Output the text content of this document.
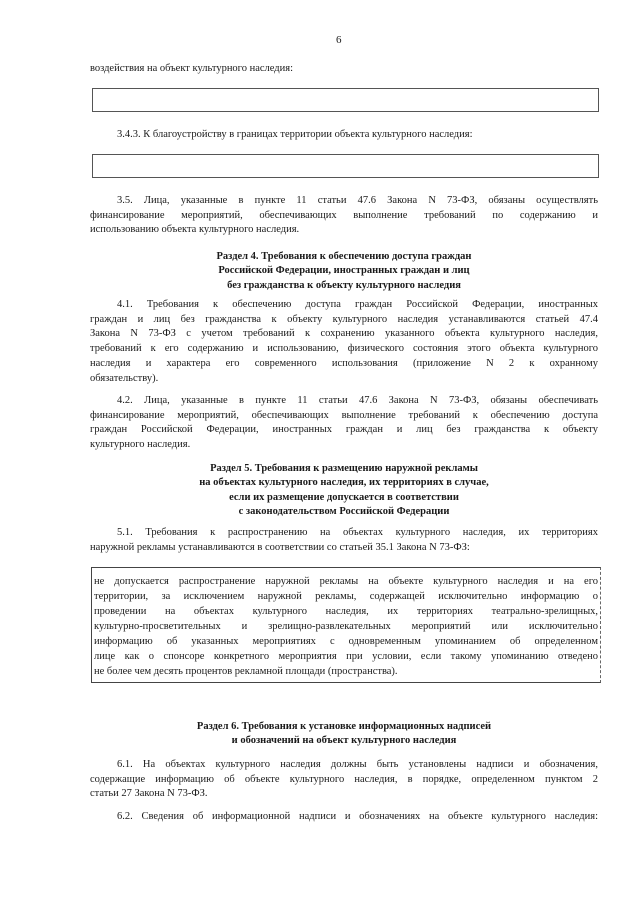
6
воздействия на объект культурного наследия:
3.4.3. К благоустройству в границах территории объекта культурного наследия:
3.5. Лица, указанные в пункте 11 статьи 47.6 Закона N 73-ФЗ, обязаны осуществлять
финансирование мероприятий, обеспечивающих выполнение требований по содержанию и
использованию объекта культурного наследия.
Раздел 4. Требования к обеспечению доступа граждан
Российской Федерации, иностранных граждан и лиц
без гражданства к объекту культурного наследия
4.1. Требования к обеспечению доступа граждан Российской Федерации, иностранных
граждан и лиц без гражданства к объекту культурного наследия устанавливаются статьей 47.4
Закона N 73-ФЗ с учетом требований к сохранению указанного объекта культурного наследия,
требований к его содержанию и использованию, физического состояния этого объекта культурного
наследия и характера его современного использования (приложение N 2 к охранному
обязательству).
4.2. Лица, указанные в пункте 11 статьи 47.6 Закона N 73-ФЗ, обязаны обеспечивать
финансирование мероприятий, обеспечивающих выполнение требований к обеспечению доступа
граждан Российской Федерации, иностранных граждан и лиц без гражданства к объекту
культурного наследия.
Раздел 5. Требования к размещению наружной рекламы
на объектах культурного наследия, их территориях в случае,
если их размещение допускается в соответствии
с законодательством Российской Федерации
5.1. Требования к распространению на объектах культурного наследия, их территориях
наружной рекламы устанавливаются в соответствии со статьей 35.1 Закона N 73-ФЗ:
не допускается распространение наружной рекламы на объекте культурного наследия и на его
территории, за исключением наружной рекламы, содержащей исключительно информацию о
проведении на объектах культурного наследия, их территориях театрально-зрелищных,
культурно-просветительных и зрелищно-развлекательных мероприятий или исключительно
информацию об указанных мероприятиях с одновременным упоминанием об определенном
лице как о спонсоре конкретного мероприятия при условии, если такому упоминанию отведено
не более чем десять процентов рекламной площади (пространства).
Раздел 6. Требования к установке информационных надписей
и обозначений на объект культурного наследия
6.1. На объектах культурного наследия должны быть установлены надписи и обозначения,
содержащие информацию об объекте культурного наследия, в порядке, определенном пунктом 2
статьи 27 Закона N 73-ФЗ.
6.2. Сведения об информационной надписи и обозначениях на объекте культурного наследия:
